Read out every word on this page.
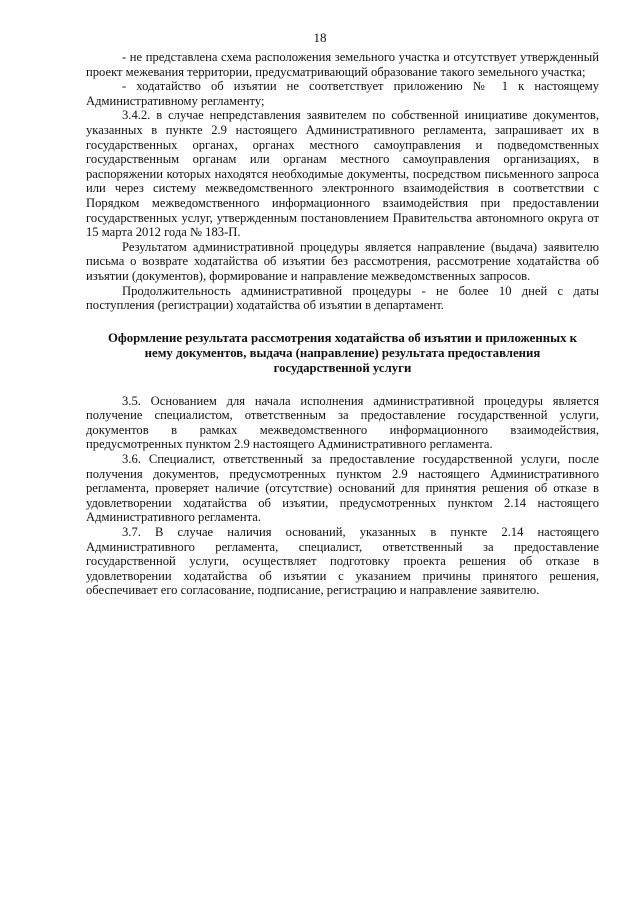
18

- не представлена схема расположения земельного участка и отсутствует утвержденный проект межевания территории, предусматривающий образование такого земельного участка;

- ходатайство об изъятии не соответствует приложению № 1 к настоящему Административному регламенту;

3.4.2. в случае непредставления заявителем по собственной инициативе документов, указанных в пункте 2.9 настоящего Административного регламента, запрашивает их в государственных органах, органах местного самоуправления и подведомственных государственным органам или органам местного самоуправления организациях, в распоряжении которых находятся необходимые документы, посредством письменного запроса или через систему межведомственного электронного взаимодействия в соответствии с Порядком межведомственного информационного взаимодействия при предоставлении государственных услуг, утвержденным постановлением Правительства автономного округа от 15 марта 2012 года № 183-П.

Результатом административной процедуры является направление (выдача) заявителю письма о возврате ходатайства об изъятии без рассмотрения, рассмотрение ходатайства об изъятии (документов), формирование и направление межведомственных запросов.

Продолжительность административной процедуры - не более 10 дней с даты поступления (регистрации) ходатайства об изъятии в департамент.

Оформление результата рассмотрения ходатайства об изъятии и приложенных к нему документов, выдача (направление) результата предоставления государственной услуги

3.5. Основанием для начала исполнения административной процедуры является получение специалистом, ответственным за предоставление государственной услуги, документов в рамках межведомственного информационного взаимодействия, предусмотренных пунктом 2.9 настоящего Административного регламента.

3.6. Специалист, ответственный за предоставление государственной услуги, после получения документов, предусмотренных пунктом 2.9 настоящего Административного регламента, проверяет наличие (отсутствие) оснований для принятия решения об отказе в удовлетворении ходатайства об изъятии, предусмотренных пунктом 2.14 настоящего Административного регламента.

3.7. В случае наличия оснований, указанных в пункте 2.14 настоящего Административного регламента, специалист, ответственный за предоставление государственной услуги, осуществляет подготовку проекта решения об отказе в удовлетворении ходатайства об изъятии с указанием причины принятого решения, обеспечивает его согласование, подписание, регистрацию и направление заявителю.
